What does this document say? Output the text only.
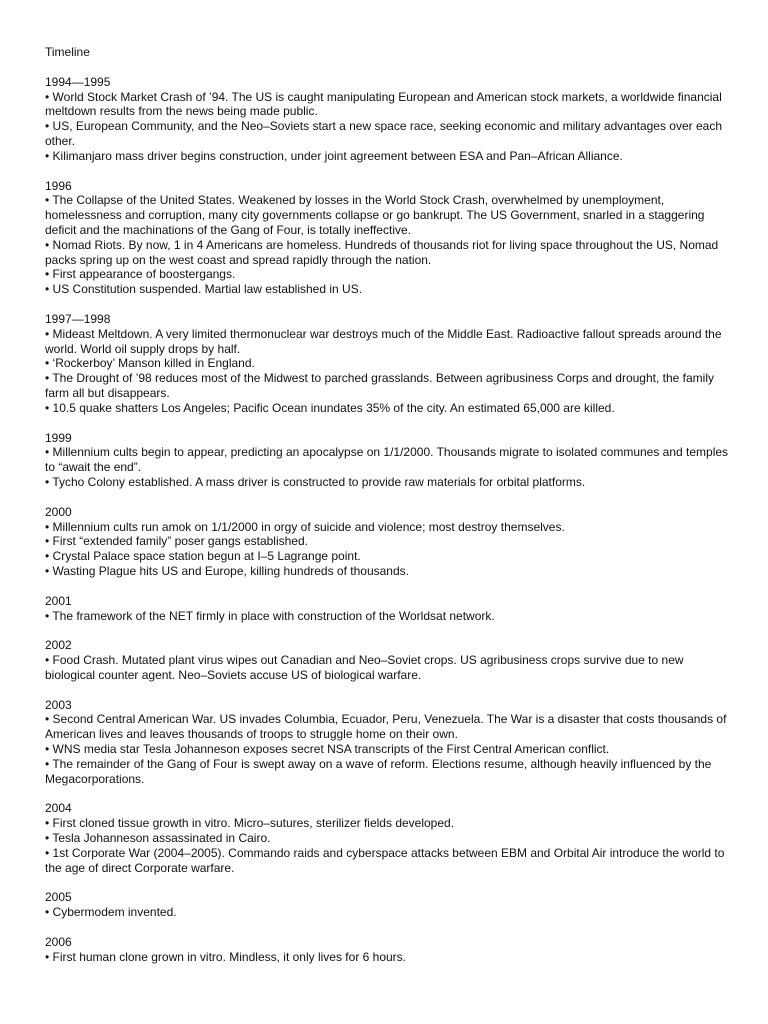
Timeline
1994—1995
• World Stock Market Crash of ’94. The US is caught manipulating European and American stock markets, a worldwide financial meltdown results from the news being made public.
• US, European Community, and the Neo–Soviets start a new space race, seeking economic and military advantages over each other.
• Kilimanjaro mass driver begins construction, under joint agreement between ESA and Pan–African Alliance.
1996
• The Collapse of the United States. Weakened by losses in the World Stock Crash, overwhelmed by unemployment, homelessness and corruption, many city governments collapse or go bankrupt. The US Government, snarled in a staggering deficit and the machinations of the Gang of Four, is totally ineffective.
• Nomad Riots. By now, 1 in 4 Americans are homeless. Hundreds of thousands riot for living space throughout the US, Nomad packs spring up on the west coast and spread rapidly through the nation.
• First appearance of boostergangs.
• US Constitution suspended. Martial law established in US.
1997—1998
• Mideast Meltdown. A very limited thermonuclear war destroys much of the Middle East. Radioactive fallout spreads around the world. World oil supply drops by half.
• ‘Rockerboy’ Manson killed in England.
• The Drought of ’98 reduces most of the Midwest to parched grasslands. Between agribusiness Corps and drought, the family farm all but disappears.
• 10.5 quake shatters Los Angeles; Pacific Ocean inundates 35% of the city. An estimated 65,000 are killed.
1999
• Millennium cults begin to appear, predicting an apocalypse on 1/1/2000. Thousands migrate to isolated communes and temples to “await the end”.
• Tycho Colony established. A mass driver is constructed to provide raw materials for orbital platforms.
2000
• Millennium cults run amok on 1/1/2000 in orgy of suicide and violence; most destroy themselves.
• First “extended family” poser gangs established.
• Crystal Palace space station begun at I–5 Lagrange point.
• Wasting Plague hits US and Europe, killing hundreds of thousands.
2001
• The framework of the NET firmly in place with construction of the Worldsat network.
2002
• Food Crash. Mutated plant virus wipes out Canadian and Neo–Soviet crops. US agribusiness crops survive due to new biological counter agent. Neo–Soviets accuse US of biological warfare.
2003
• Second Central American War. US invades Columbia, Ecuador, Peru, Venezuela. The War is a disaster that costs thousands of American lives and leaves thousands of troops to struggle home on their own.
• WNS media star Tesla Johanneson exposes secret NSA transcripts of the First Central American conflict.
• The remainder of the Gang of Four is swept away on a wave of reform. Elections resume, although heavily influenced by the Megacorporations.
2004
• First cloned tissue growth in vitro. Micro–sutures, sterilizer fields developed.
• Tesla Johanneson assassinated in Cairo.
• 1st Corporate War (2004–2005). Commando raids and cyberspace attacks between EBM and Orbital Air introduce the world to the age of direct Corporate warfare.
2005
• Cybermodem invented.
2006
• First human clone grown in vitro. Mindless, it only lives for 6 hours.
